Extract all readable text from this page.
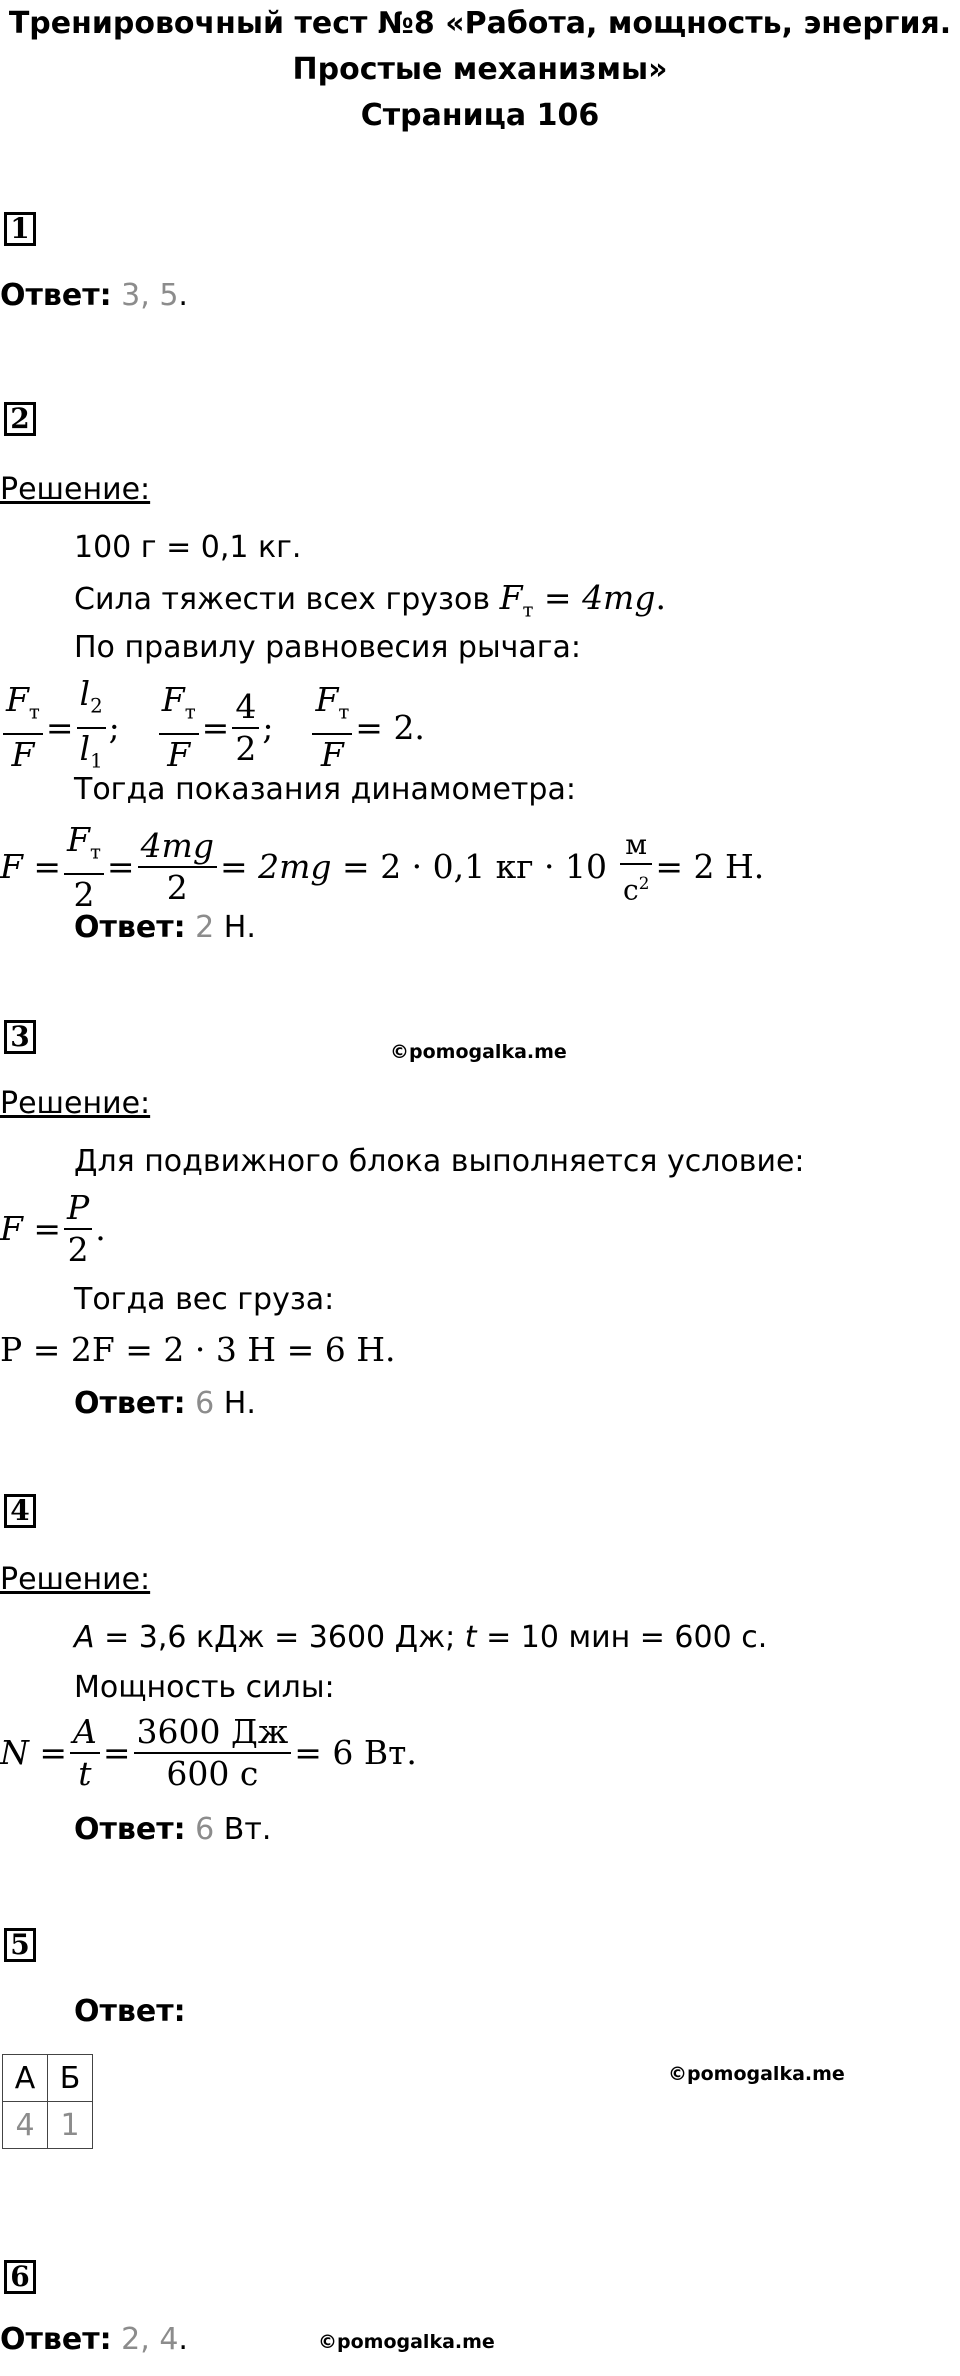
Тренировочный тест №8 «Работа, мощность, энергия.
Простые механизмы»
Страница 106
1
Ответ: 3, 5.
2
Решение:
100 г = 0,1 кг.
Сила тяжести всех грузов $F_т = 4mg$.
По правилу равновесия рычага:
$\frac{F_т}{F} = \frac{l_2}{l_1}$ ; $\frac{F_т}{F} = \frac{4}{2}$ ; $\frac{F_т}{F} = 2$.
Тогда показания динамометра:
$F = \frac{F_т}{2} = \frac{4mg}{2} = 2mg = 2 \cdot 0,1$ кг · $10 \frac{м}{с^2} = 2$ Н.
Ответ: 2 Н.
3	©pomogalka.me
Решение:
Для подвижного блока выполняется условие:
$F = \frac{P}{2}$ .
Тогда вес груза:
P = 2F = 2 · 3 Н = 6 Н.
Ответ: 6 Н.
4
Решение:
A = 3,6 кДж = 3600 Дж; t = 10 мин = 600 с.
Мощность силы:
$N = \frac{A}{t} = \frac{3600 Дж}{600 с} = 6$ Вт.
Ответ: 6 Вт.
5
Ответ:
А	Б
4	1
©pomogalka.me
6
Ответ: 2, 4.	©pomogalka.me
